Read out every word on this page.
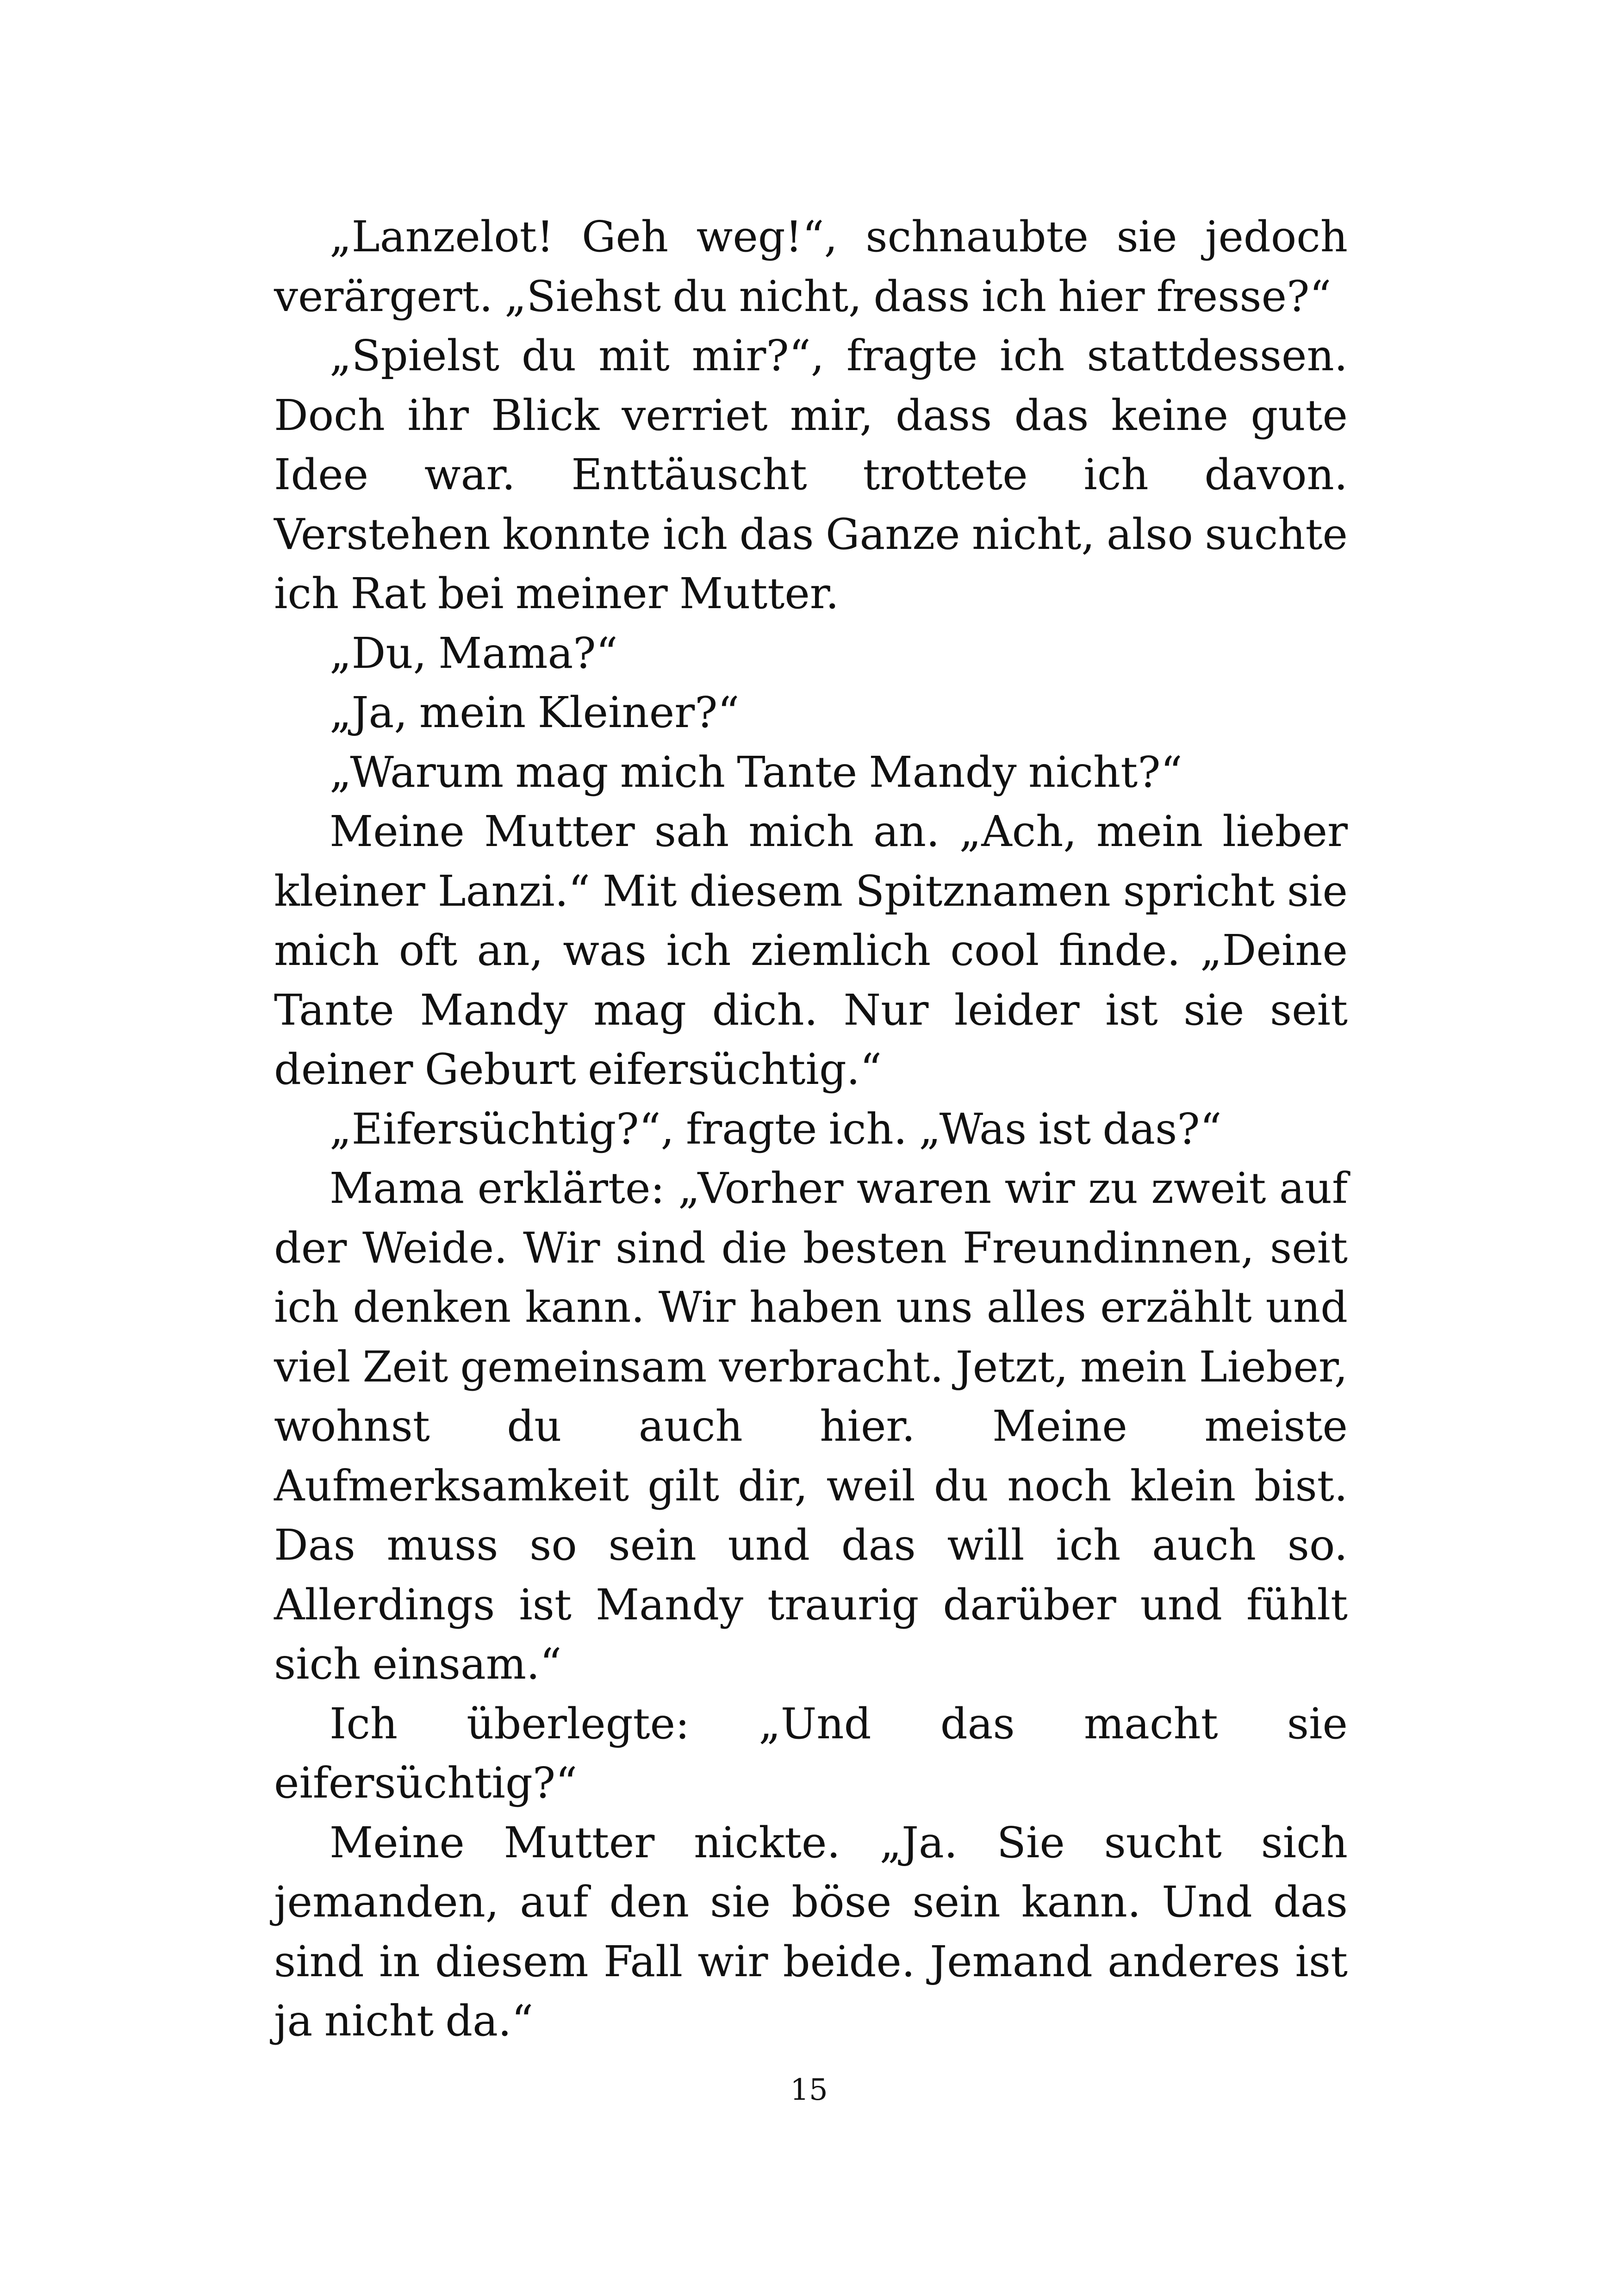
„Lanzelot! Geh weg!“, schnaubte sie jedoch verärgert. „Siehst du nicht, dass ich hier fresse?“

„Spielst du mit mir?“, fragte ich stattdessen. Doch ihr Blick verriet mir, dass das keine gute Idee war. Enttäuscht trottete ich davon. Verstehen konnte ich das Ganze nicht, also suchte ich Rat bei meiner Mutter.

„Du, Mama?“

„Ja, mein Kleiner?“

„Warum mag mich Tante Mandy nicht?“

Meine Mutter sah mich an. „Ach, mein lieber kleiner Lanzi.“ Mit diesem Spitznamen spricht sie mich oft an, was ich ziemlich cool finde. „Deine Tante Mandy mag dich. Nur leider ist sie seit deiner Geburt eifersüchtig.“

„Eifersüchtig?“, fragte ich. „Was ist das?“

Mama erklärte: „Vorher waren wir zu zweit auf der Weide. Wir sind die besten Freundinnen, seit ich denken kann. Wir haben uns alles erzählt und viel Zeit gemeinsam verbracht. Jetzt, mein Lieber, wohnst du auch hier. Meine meiste Aufmerksamkeit gilt dir, weil du noch klein bist. Das muss so sein und das will ich auch so. Allerdings ist Mandy traurig darüber und fühlt sich einsam.“

Ich überlegte: „Und das macht sie eifersüchtig?“

Meine Mutter nickte. „Ja. Sie sucht sich jemanden, auf den sie böse sein kann. Und das sind in diesem Fall wir beide. Jemand anderes ist ja nicht da.“

15
